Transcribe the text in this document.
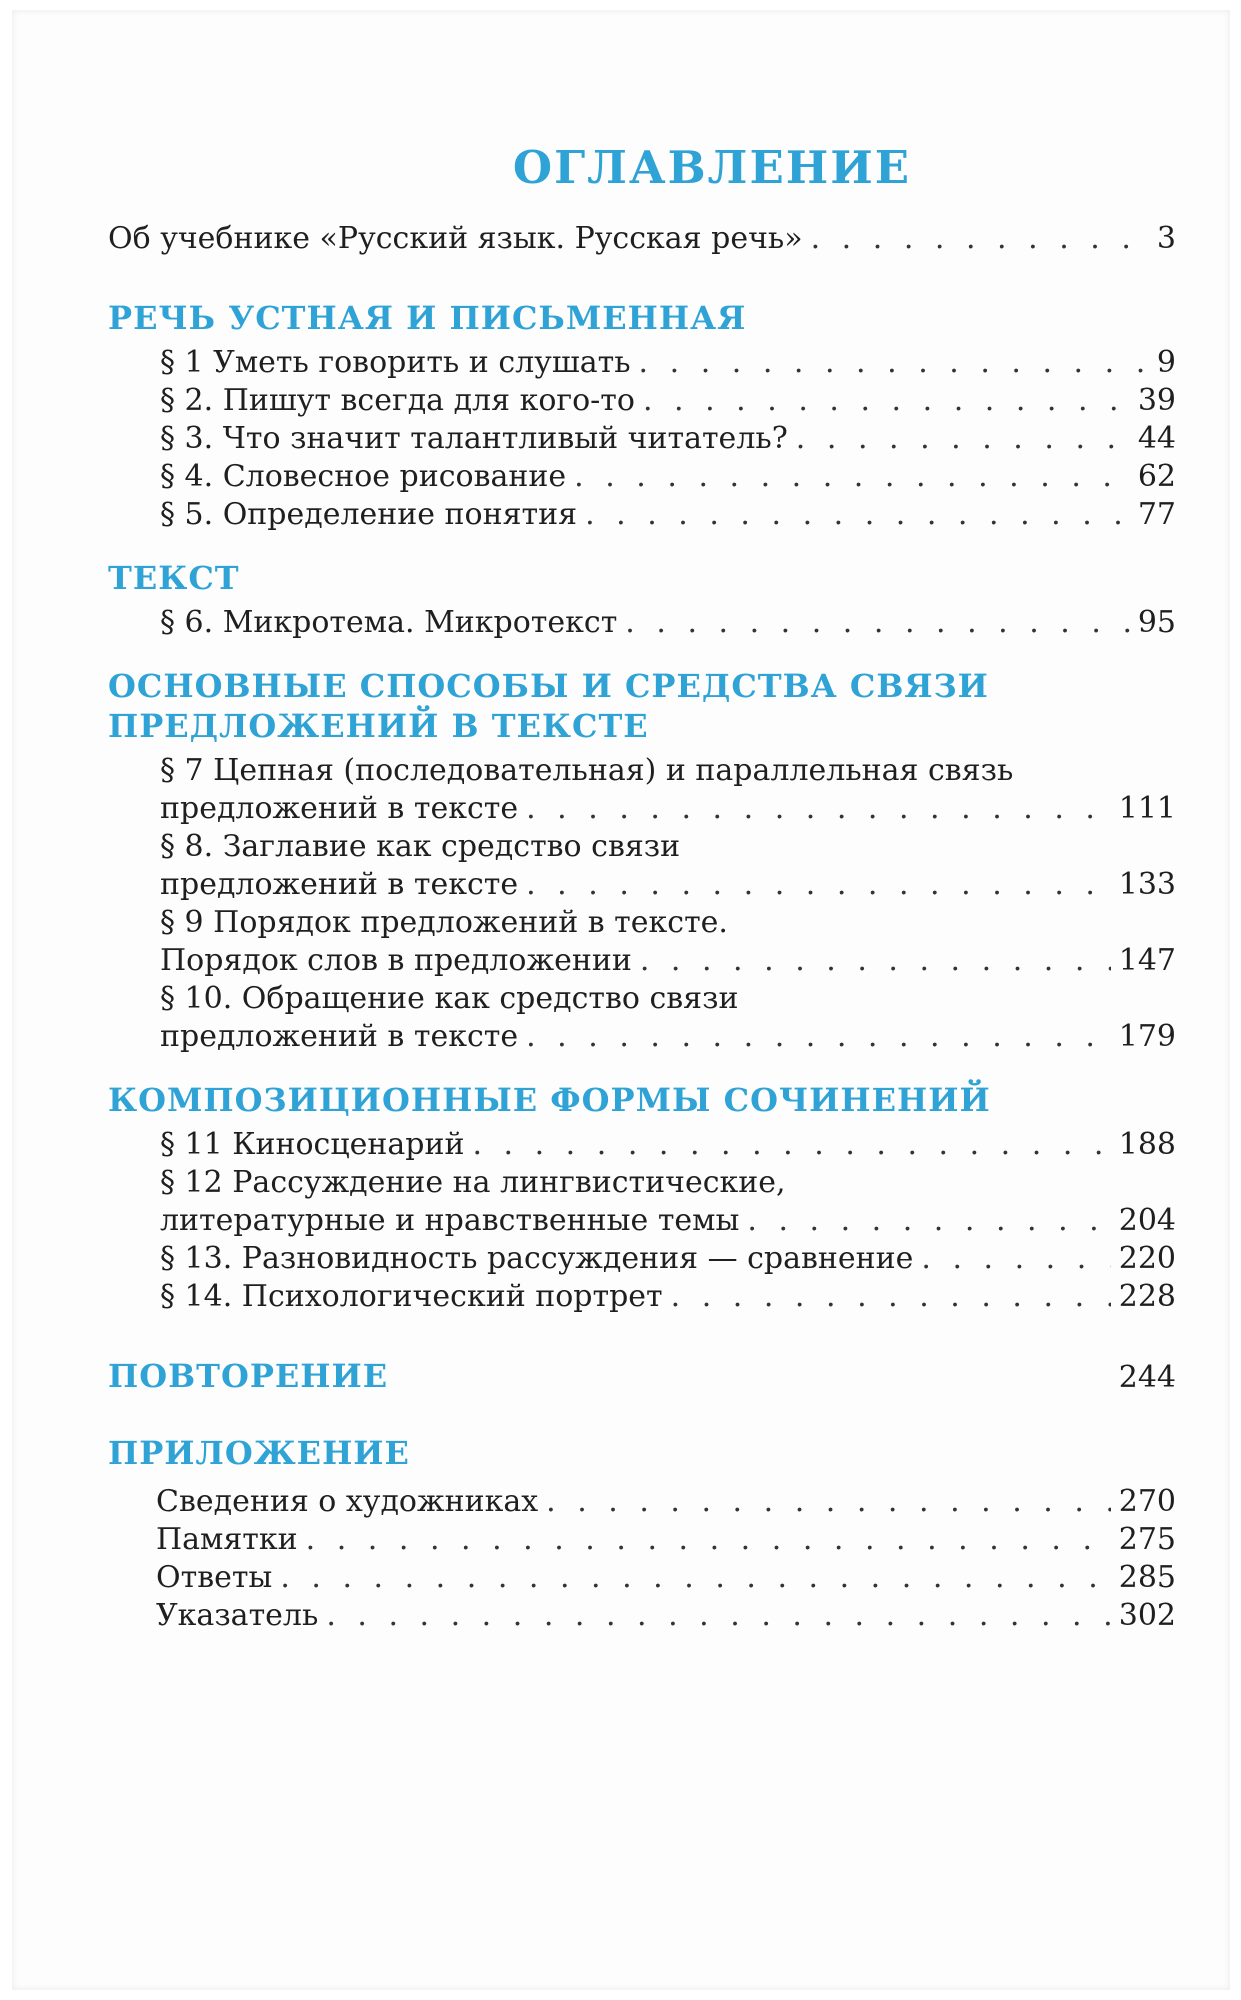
ОГЛАВЛЕНИЕ
Об учебнике «Русский язык. Русская речь» . . .	3
РЕЧЬ УСТНАЯ И ПИСЬМЕННАЯ
§ 1 Уметь говорить и слушать . . .	9
§ 2. Пишут всегда для кого-то . . .	39
§ 3. Что значит талантливый читатель? . . .	44
§ 4. Словесное рисование . . .	62
§ 5. Определение понятия . . .	77
ТЕКСТ
§ 6. Микротема. Микротекст . . .	95
ОСНОВНЫЕ СПОСОБЫ И СРЕДСТВА СВЯЗИ
ПРЕДЛОЖЕНИЙ В ТЕКСТЕ
§ 7 Цепная (последовательная) и параллельная связь
предложений в тексте . . .	111
§ 8. Заглавие как средство связи
предложений в тексте . . .	133
§ 9 Порядок предложений в тексте.
Порядок слов в предложении . . .	147
§ 10. Обращение как средство связи
предложений в тексте . . .	179
КОМПОЗИЦИОННЫЕ ФОРМЫ СОЧИНЕНИЙ
§ 11 Киносценарий . . .	188
§ 12 Рассуждение на лингвистические,
литературные и нравственные темы . . .	204
§ 13. Разновидность рассуждения — сравнение . . .	220
§ 14. Психологический портрет . . .	228
ПОВТОРЕНИЕ	244
ПРИЛОЖЕНИЕ
Сведения о художниках . . .	270
Памятки . . .	275
Ответы . . .	285
Указатель . . .	302
